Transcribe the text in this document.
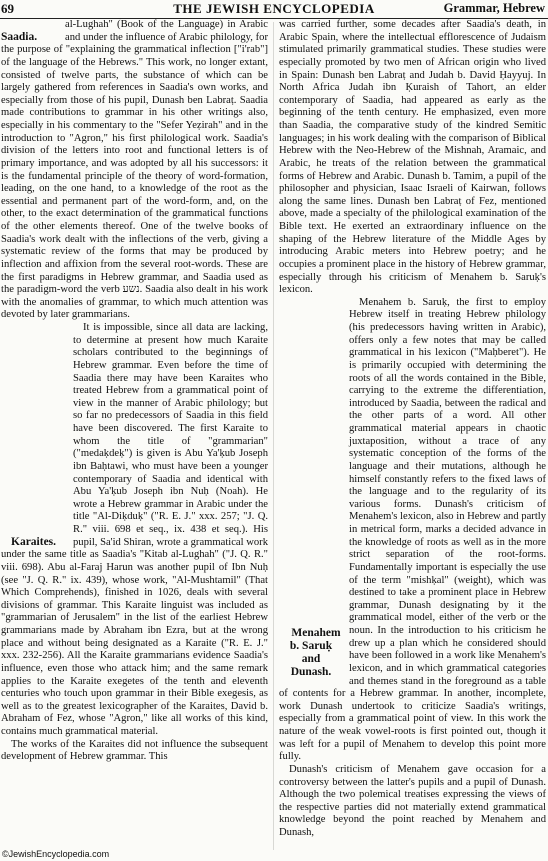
69	THE JEWISH ENCYCLOPEDIA	Grammar, Hebrew

Saadia.
al-Lughah" (Book of the Language) in Arabic and under the influence of Arabic philology, for the purpose of "explaining the grammatical inflection ["i'rab"] of the language of the Hebrews." This work, no longer extant, consisted of twelve parts, the substance of which can be largely gathered from references in Saadia's own works, and especially from those of his pupil, Dunash ben Labraṭ. Saadia made contributions to grammar in his other writings also, especially in his commentary to the "Sefer Yeẓirah" and in the introduction to "Agron," his first philological work. Saadia's division of the letters into root and functional letters is of primary importance, and was adopted by all his successors: it is the fundamental principle of the theory of word-formation, leading, on the one hand, to a knowledge of the root as the essential and permanent part of the word-form, and, on the other, to the exact determination of the grammatical functions of the other elements thereof. One of the twelve books of Saadia's work dealt with the inflections of the verb, giving a systematic review of the forms that may be produced by inflection and affixion from the several root-words. These are the first paradigms in Hebrew grammar, and Saadia used as the paradigm-word the verb נשע. Saadia also dealt in his work with the anomalies of grammar, to which much attention was devoted by later grammarians.

Karaites.
It is impossible, since all data are lacking, to determine at present how much Karaite scholars contributed to the beginnings of Hebrew grammar. Even before the time of Saadia there may have been Karaites who treated Hebrew from a grammatical point of view in the manner of Arabic philology; but so far no predecessors of Saadia in this field have been discovered. The first Karaite to whom the title of "grammarian" ("medaḳdeḳ") is given is Abu Ya'ḳub Joseph ibn Baḥtawi, who must have been a younger contemporary of Saadia and identical with Abu Ya'ḳub Joseph ibn Nuḥ (Noah). He wrote a Hebrew grammar in Arabic under the title "Al-Diḳduḳ" ("R. E. J." xxx. 257; "J. Q. R." viii. 698 et seq., ix. 438 et seq.). His pupil, Sa'id Shiran, wrote a grammatical work under the same title as Saadia's "Kitab al-Lughah" ("J. Q. R." viii. 698). Abu al-Faraj Harun was another pupil of Ibn Nuḥ (see "J. Q. R." ix. 439), whose work, "Al-Mushtamil" (That Which Comprehends), finished in 1026, deals with several divisions of grammar. This Karaite linguist was included as "grammarian of Jerusalem" in the list of the earliest Hebrew grammarians made by Abraham ibn Ezra, but at the wrong place and without being designated as a Karaite ("R. E. J." xxx. 232-256). All the Karaite grammarians evidence Saadia's influence, even those who attack him; and the same remark applies to the Karaite exegetes of the tenth and eleventh centuries who touch upon grammar in their Bible exegesis, as well as to the greatest lexicographer of the Karaites, David b. Abraham of Fez, whose "Agron," like all works of this kind, contains much grammatical material.

The works of the Karaites did not influence the subsequent development of Hebrew grammar. This

was carried further, some decades after Saadia's death, in Arabic Spain, where the intellectual efflorescence of Judaism stimulated primarily grammatical studies. These studies were especially promoted by two men of African origin who lived in Spain: Dunash ben Labraṭ and Judah b. David Ḥayyuj. In North Africa Judah ibn Ḳuraish of Tahort, an elder contemporary of Saadia, had appeared as early as the beginning of the tenth century. He emphasized, even more than Saadia, the comparative study of the kindred Semitic languages; in his work dealing with the comparison of Biblical Hebrew with the Neo-Hebrew of the Mishnah, Aramaic, and Arabic, he treats of the relation between the grammatical forms of Hebrew and Arabic. Dunash b. Tamim, a pupil of the philosopher and physician, Isaac Israeli of Kairwan, follows along the same lines. Dunash ben Labraṭ of Fez, mentioned above, made a specialty of the philological examination of the Bible text. He exerted an extraordinary influence on the shaping of the Hebrew literature of the Middle Ages by introducing Arabic meters into Hebrew poetry; and he occupies a prominent place in the history of Hebrew grammar, especially through his criticism of Menahem b. Saruḳ's lexicon.

Menahem
b. Saruḳ
and
Dunash.
Menahem b. Saruḳ, the first to employ Hebrew itself in treating Hebrew philology (his predecessors having written in Arabic), offers only a few notes that may be called grammatical in his lexicon ("Maḥberet"). He is primarily occupied with determining the roots of all the words contained in the Bible, carrying to the extreme the differentiation, introduced by Saadia, between the radical and the other parts of a word. All other grammatical material appears in chaotic juxtaposition, without a trace of any systematic conception of the forms of the language and their mutations, although he himself constantly refers to the fixed laws of the language and to the regularity of its various forms. Dunash's criticism of Menahem's lexicon, also in Hebrew and partly in metrical form, marks a decided advance in the knowledge of roots as well as in the more strict separation of the root-forms. Fundamentally important is especially the use of the term "mishḳal" (weight), which was destined to take a prominent place in Hebrew grammar, Dunash designating by it the grammatical model, either of the verb or the noun. In the introduction to his criticism he drew up a plan which he considered should have been followed in a work like Menahem's lexicon, and in which grammatical categories and themes stand in the foreground as a table of contents for a Hebrew grammar. In another, incomplete, work Dunash undertook to criticize Saadia's writings, especially from a grammatical point of view. In this work the nature of the weak vowel-roots is first pointed out, though it was left for a pupil of Menahem to develop this point more fully.

Dunash's criticism of Menahem gave occasion for a controversy between the latter's pupils and a pupil of Dunash. Although the two polemical treatises expressing the views of the respective parties did not materially extend grammatical knowledge beyond the point reached by Menahem and Dunash,

©JewishEncyclopedia.com
